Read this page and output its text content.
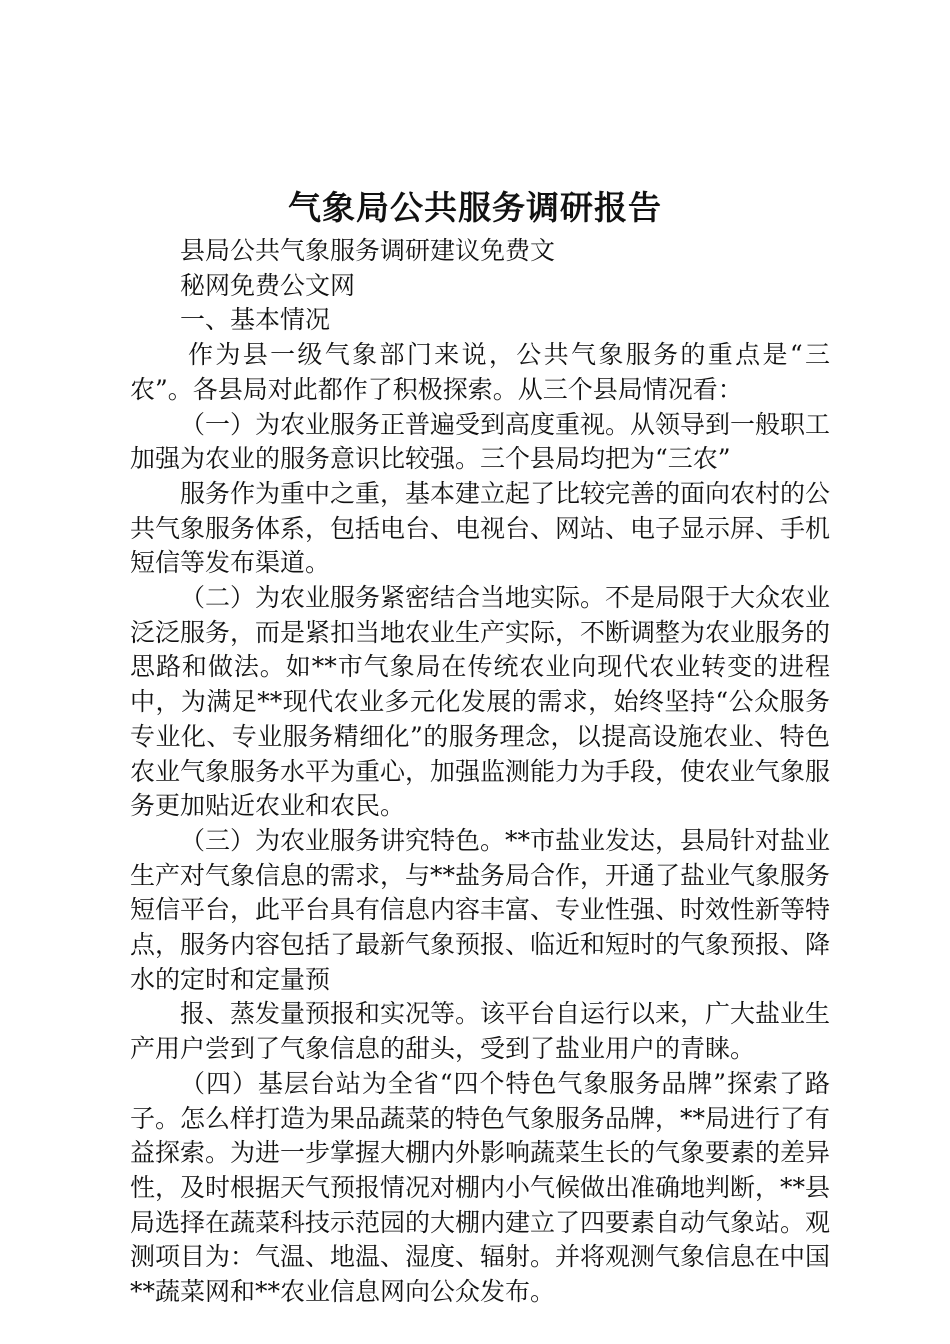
气象局公共服务调研报告

县局公共气象服务调研建议免费文

秘网免费公文网

一、基本情况

作为县一级气象部门来说，公共气象服务的重点是“三农”。各县局对此都作了积极探索。从三个县局情况看：

（一）为农业服务正普遍受到高度重视。从领导到一般职工加强为农业的服务意识比较强。三个县局均把为“三农”

服务作为重中之重，基本建立起了比较完善的面向农村的公共气象服务体系，包括电台、电视台、网站、电子显示屏、手机短信等发布渠道。

（二）为农业服务紧密结合当地实际。不是局限于大众农业泛泛服务，而是紧扣当地农业生产实际，不断调整为农业服务的思路和做法。如**市气象局在传统农业向现代农业转变的进程中，为满足**现代农业多元化发展的需求，始终坚持“公众服务专业化、专业服务精细化”的服务理念，以提高设施农业、特色农业气象服务水平为重心，加强监测能力为手段，使农业气象服务更加贴近农业和农民。

（三）为农业服务讲究特色。**市盐业发达，县局针对盐业生产对气象信息的需求，与**盐务局合作，开通了盐业气象服务短信平台，此平台具有信息内容丰富、专业性强、时效性新等特点，服务内容包括了最新气象预报、临近和短时的气象预报、降水的定时和定量预

报、蒸发量预报和实况等。该平台自运行以来，广大盐业生产用户尝到了气象信息的甜头，受到了盐业用户的青睐。

（四）基层台站为全省“四个特色气象服务品牌”探索了路子。怎么样打造为果品蔬菜的特色气象服务品牌，**局进行了有益探索。为进一步掌握大棚内外影响蔬菜生长的气象要素的差异性，及时根据天气预报情况对棚内小气候做出准确地判断，**县局选择在蔬菜科技示范园的大棚内建立了四要素自动气象站。观测项目为：气温、地温、湿度、辐射。并将观测气象信息在中国**蔬菜网和**农业信息网向公众发布。
